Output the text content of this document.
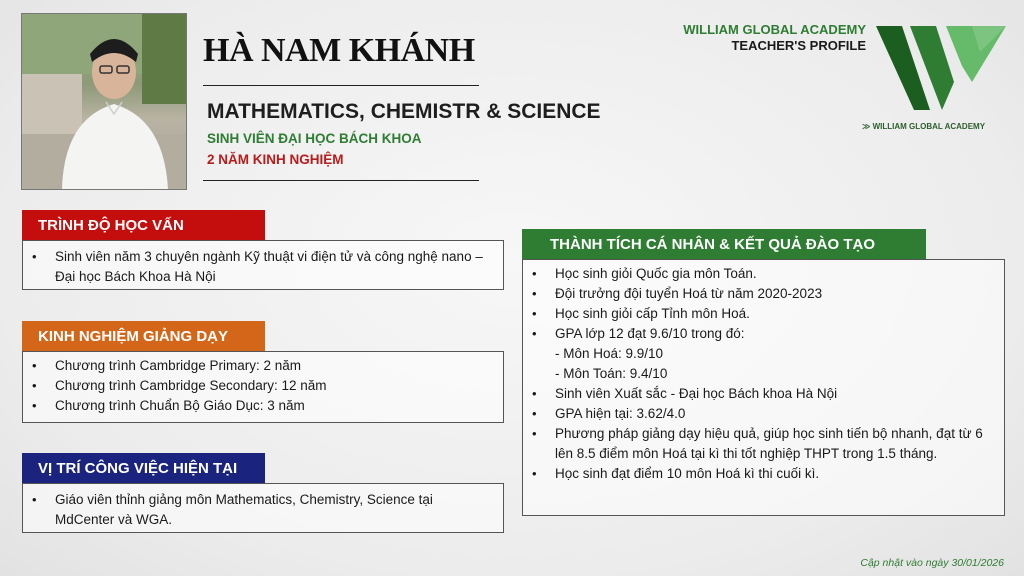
HÀ NAM KHÁNH
MATHEMATICS, CHEMISTR & SCIENCE
SINH VIÊN ĐẠI HỌC BÁCH KHOA
2 NĂM KINH NGHIỆM
WILLIAM GLOBAL ACADEMY
TEACHER'S PROFILE
≫ WILLIAM GLOBAL ACADEMY
TRÌNH ĐỘ HỌC VẤN
• Sinh viên năm 3 chuyên ngành Kỹ thuật vi điện tử và công nghệ nano – Đại học Bách Khoa Hà Nội
KINH NGHIỆM GIẢNG DẠY
• Chương trình Cambridge Primary: 2 năm
• Chương trình Cambridge Secondary: 12 năm
• Chương trình Chuẩn Bộ Giáo Dục: 3 năm
VỊ TRÍ CÔNG VIỆC HIỆN TẠI
• Giáo viên thỉnh giảng môn Mathematics, Chemistry, Science tại MdCenter và WGA.
THÀNH TÍCH CÁ NHÂN & KẾT QUẢ ĐÀO TẠO
• Học sinh giỏi Quốc gia môn Toán.
• Đội trưởng đội tuyển Hoá từ năm 2020-2023
• Học sinh giỏi cấp Tỉnh môn Hoá.
• GPA lớp 12 đạt 9.6/10 trong đó:
- Môn Hoá: 9.9/10
- Môn Toán: 9.4/10
• Sinh viên Xuất sắc - Đại học Bách khoa Hà Nội
• GPA hiện tại: 3.62/4.0
• Phương pháp giảng dạy hiệu quả, giúp học sinh tiến bộ nhanh, đạt từ 6 lên 8.5 điểm môn Hoá tại kì thi tốt nghiệp THPT trong 1.5 tháng.
• Học sinh đạt điểm 10 môn Hoá kì thi cuối kì.
Cập nhật vào ngày 30/01/2026
